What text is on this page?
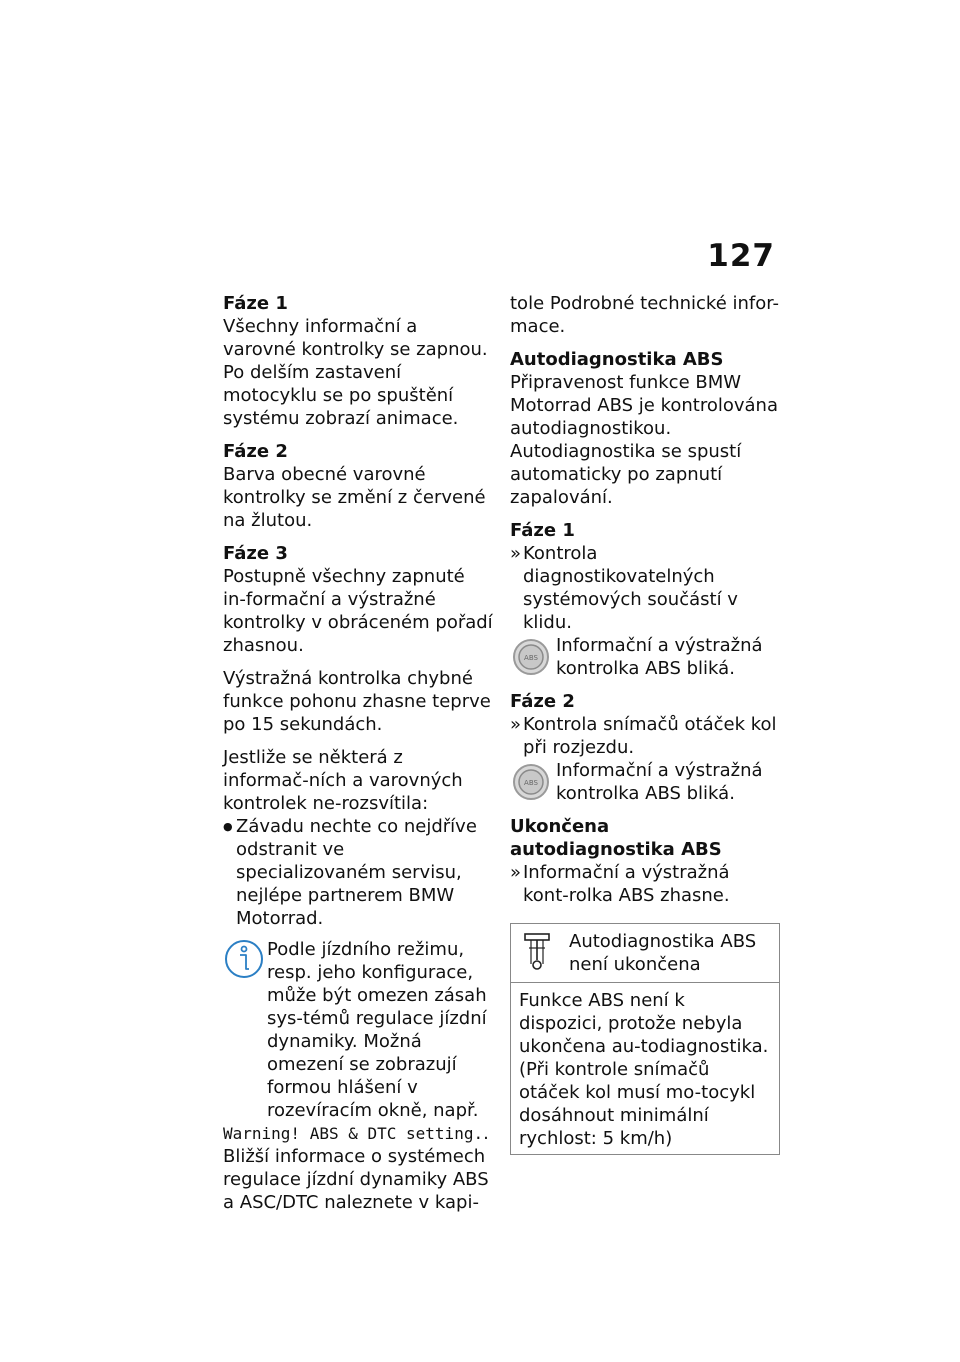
127

Fáze 1

Všechny informační a varovné kontrolky se zapnou.

Po delším zastavení motocyklu se po spuštění systému zobrazí animace.

Fáze 2

Barva obecné varovné kontrolky se změní z červené na žlutou.

Fáze 3

Postupně všechny zapnuté in-formační a výstražné kontrolky v obráceném pořadí zhasnou.

Výstražná kontrolka chybné funkce pohonu zhasne teprve po 15 sekundách.

Jestliže se některá z informač-ních a varovných kontrolek ne-rozsvítila:

● Závadu nechte co nejdříve odstranit ve specializovaném servisu, nejlépe partnerem BMW Motorrad.

Podle jízdního režimu, resp. jeho konfigurace, může být omezen zásah sys-témů regulace jízdní dynamiky. Možná omezení se zobrazují formou hlášení v rozevíracím okně, např.
Warning! ABS & DTC setting..

Bližší informace o systémech regulace jízdní dynamiky ABS a ASC/DTC naleznete v kapi-

tole Podrobné technické infor-mace.

Autodiagnostika ABS

Připravenost funkce BMW Motorrad ABS je kontrolována autodiagnostikou. Autodiagnostika se spustí automaticky po zapnutí zapalování.

Fáze 1

» Kontrola diagnostikovatelných systémových součástí v klidu.

ABS
Informační a výstražná kontrolka ABS bliká.

Fáze 2

» Kontrola snímačů otáček kol při rozjezdu.

ABS
Informační a výstražná kontrolka ABS bliká.

Ukončena autodiagnostika ABS

» Informační a výstražná kont-rolka ABS zhasne.

Autodiagnostika ABS není ukončena
Funkce ABS není k dispozici, protože nebyla ukončena au-todiagnostika. (Při kontrole snímačů otáček kol musí mo-tocykl dosáhnout minimální rychlost: 5 km/h)
